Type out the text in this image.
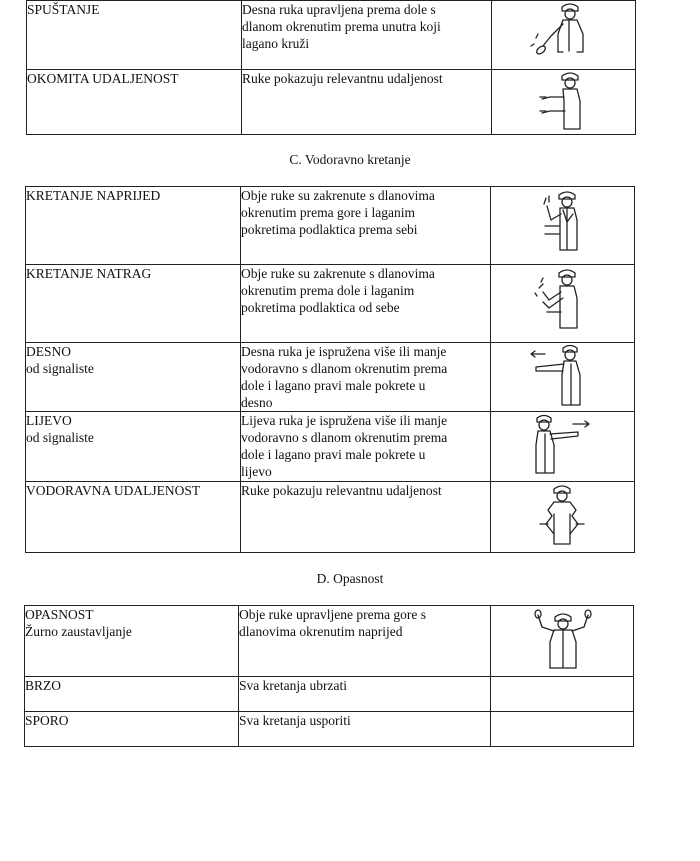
SPUŠTANJE	Desna ruka upravljena prema dole s
dlanom okrenutim prema unutra koji
lagano kruži

OKOMITA UDALJENOST	Ruke pokazuju relevantnu udaljenost

C. Vodoravno kretanje
KRETANJE NAPRIJED	Obje ruke su zakrenute s dlanovima
okrenutim prema gore i laganim
pokretima podlaktica prema sebi

KRETANJE NATRAG	Obje ruke su zakrenute s dlanovima
okrenutim prema dole i laganim
pokretima podlaktica od sebe

DESNO
od signaliste	Desna ruka je ispružena više ili manje
vodoravno s dlanom okrenutim prema
dole i lagano pravi male pokrete u
desno

LIJEVO
od signaliste	Lijeva ruka je ispružena više ili manje
vodoravno s dlanom okrenutim prema
dole i lagano pravi male pokrete u
lijevo

VODORAVNA UDALJENOST	Ruke pokazuju relevantnu udaljenost

D. Opasnost
OPASNOST
Žurno zaustavljanje	Obje ruke upravljene prema gore s
dlanovima okrenutim naprijed

BRZO	Sva kretanja ubrzati	

SPORO	Sva kretanja usporiti	
